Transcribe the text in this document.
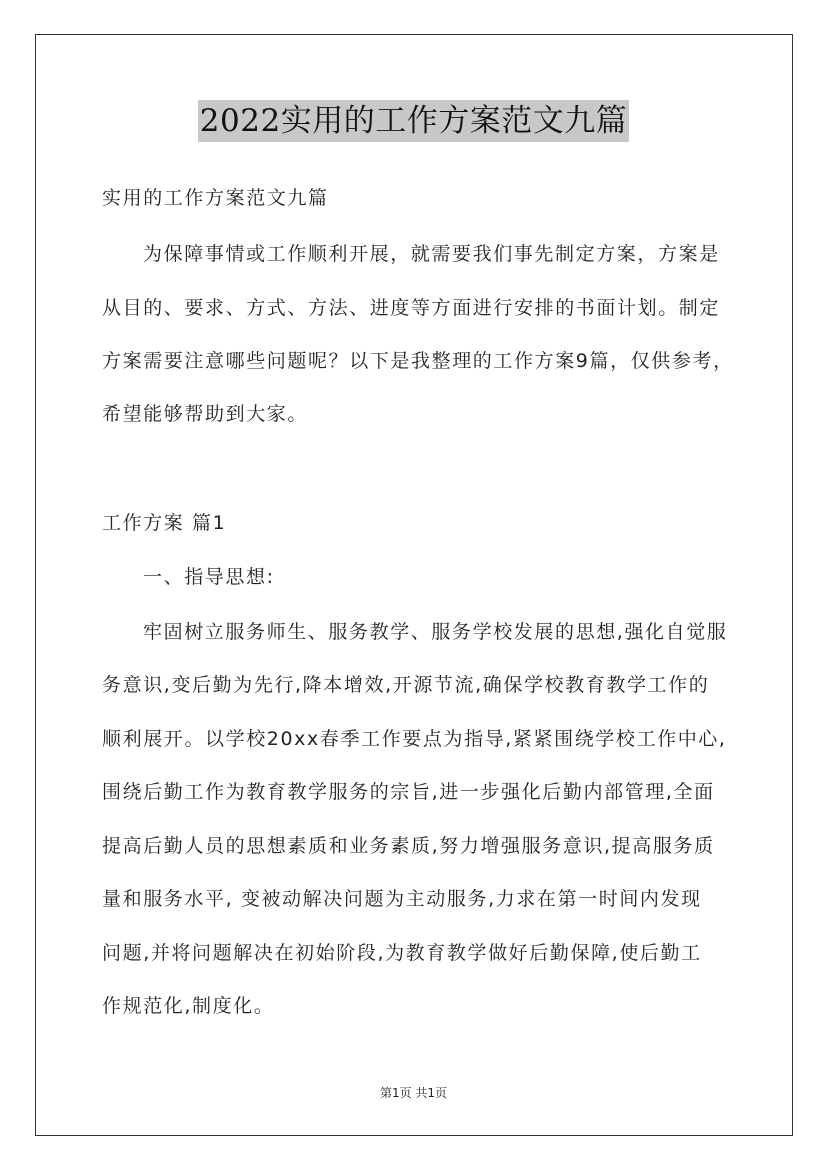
2022实用的工作方案范文九篇
实用的工作方案范文九篇
为保障事情或工作顺利开展，就需要我们事先制定方案，方案是
从目的、要求、方式、方法、进度等方面进行安排的书面计划。制定
方案需要注意哪些问题呢？以下是我整理的工作方案9篇，仅供参考，
希望能够帮助到大家。
工作方案 篇1
一、指导思想:
牢固树立服务师生、服务教学、服务学校发展的思想,强化自觉服
务意识,变后勤为先行,降本增效,开源节流,确保学校教育教学工作的
顺利展开。以学校20xx春季工作要点为指导,紧紧围绕学校工作中心,
围绕后勤工作为教育教学服务的宗旨,进一步强化后勤内部管理,全面
提高后勤人员的思想素质和业务素质,努力增强服务意识,提高服务质
量和服务水平, 变被动解决问题为主动服务,力求在第一时间内发现
问题,并将问题解决在初始阶段,为教育教学做好后勤保障,使后勤工
作规范化,制度化。
第1页 共1页
